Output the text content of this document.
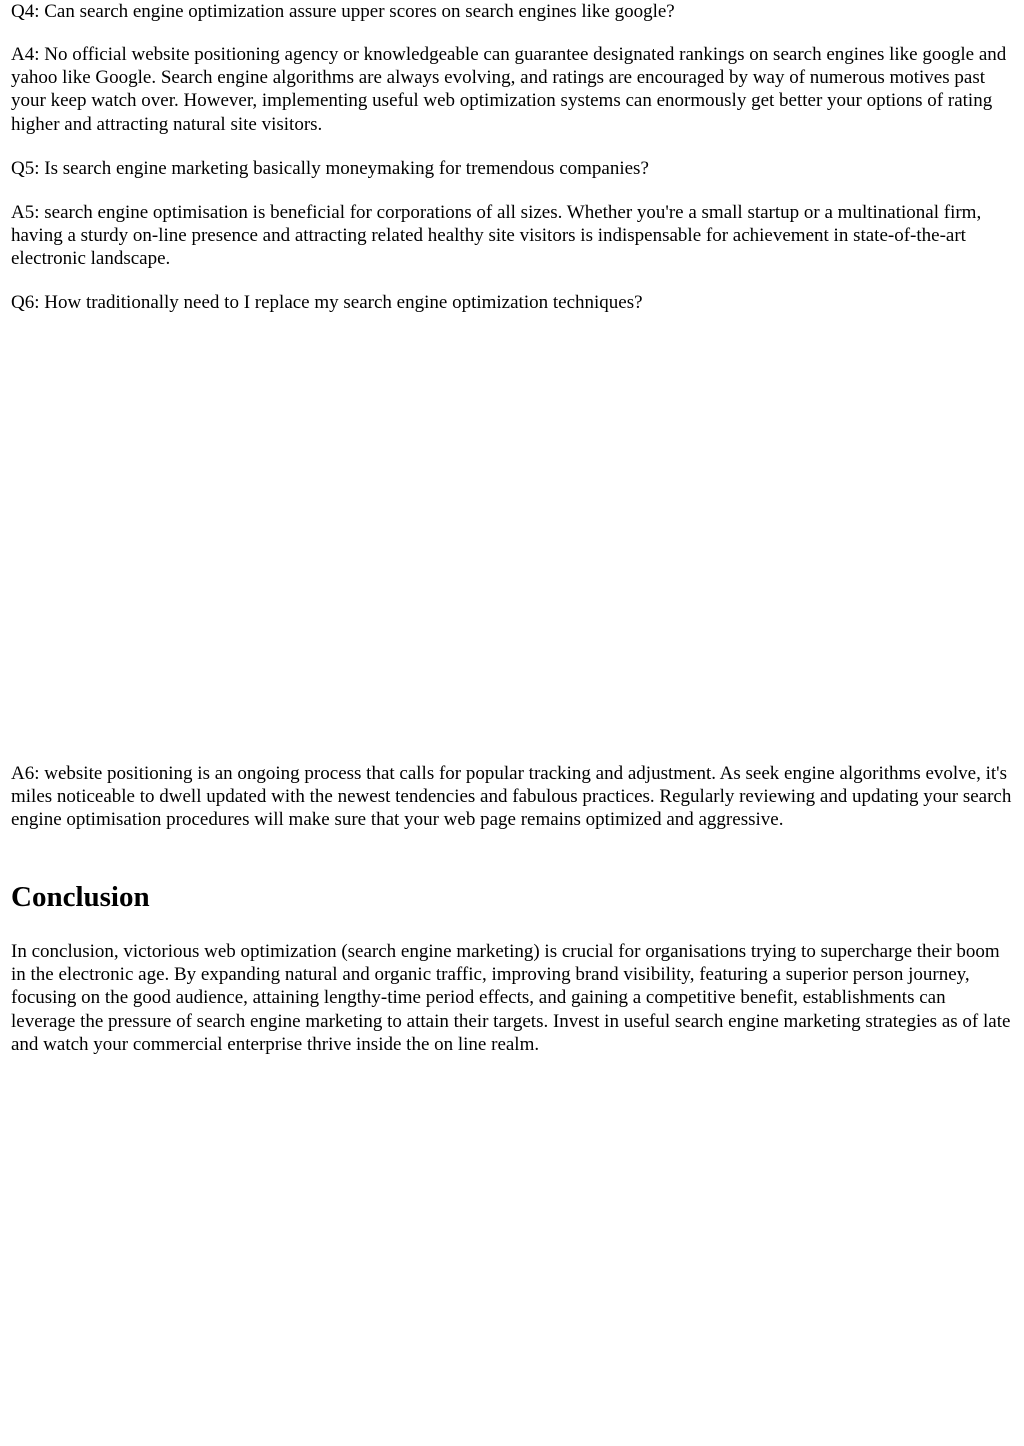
Q4: Can search engine optimization assure upper scores on search engines like google?

A4: No official website positioning agency or knowledgeable can guarantee designated rankings on search engines like google and yahoo like Google. Search engine algorithms are always evolving, and ratings are encouraged by way of numerous motives past your keep watch over. However, implementing useful web optimization systems can enormously get better your options of rating higher and attracting natural site visitors.

Q5: Is search engine marketing basically moneymaking for tremendous companies?

A5: search engine optimisation is beneficial for corporations of all sizes. Whether you're a small startup or a multinational firm, having a sturdy on-line presence and attracting related healthy site visitors is indispensable for achievement in state-of-the-art electronic landscape.

Q6: How traditionally need to I replace my search engine optimization techniques?

A6: website positioning is an ongoing process that calls for popular tracking and adjustment. As seek engine algorithms evolve, it's miles noticeable to dwell updated with the newest tendencies and fabulous practices. Regularly reviewing and updating your search engine optimisation procedures will make sure that your web page remains optimized and aggressive.

Conclusion

In conclusion, victorious web optimization (search engine marketing) is crucial for organisations trying to supercharge their boom in the electronic age. By expanding natural and organic traffic, improving brand visibility, featuring a superior person journey, focusing on the good audience, attaining lengthy-time period effects, and gaining a competitive benefit, establishments can leverage the pressure of search engine marketing to attain their targets. Invest in useful search engine marketing strategies as of late and watch your commercial enterprise thrive inside the on line realm.
